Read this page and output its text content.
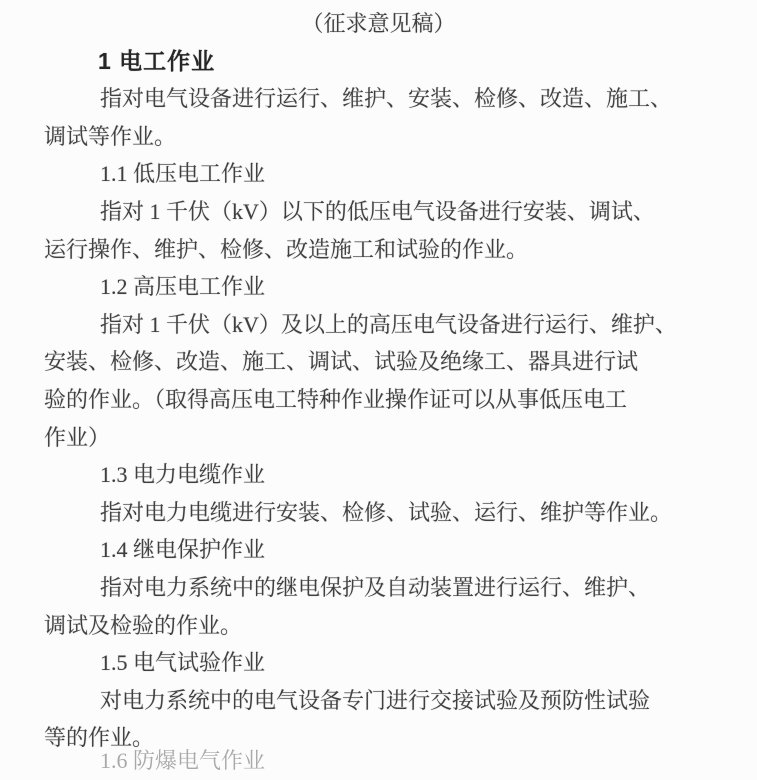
（征求意见稿）
1 电工作业
指对电气设备进行运行、维护、安装、检修、改造、施工、
调试等作业。
1.1 低压电工作业
指对 1 千伏（kV）以下的低压电气设备进行安装、调试、
运行操作、维护、检修、改造施工和试验的作业。
1.2 高压电工作业
指对 1 千伏（kV）及以上的高压电气设备进行运行、维护、
安装、检修、改造、施工、调试、试验及绝缘工、器具进行试
验的作业。（取得高压电工特种作业操作证可以从事低压电工
作业）
1.3 电力电缆作业
指对电力电缆进行安装、检修、试验、运行、维护等作业。
1.4 继电保护作业
指对电力系统中的继电保护及自动装置进行运行、维护、
调试及检验的作业。
1.5 电气试验作业
对电力系统中的电气设备专门进行交接试验及预防性试验
等的作业。
1.6 防爆电气作业
